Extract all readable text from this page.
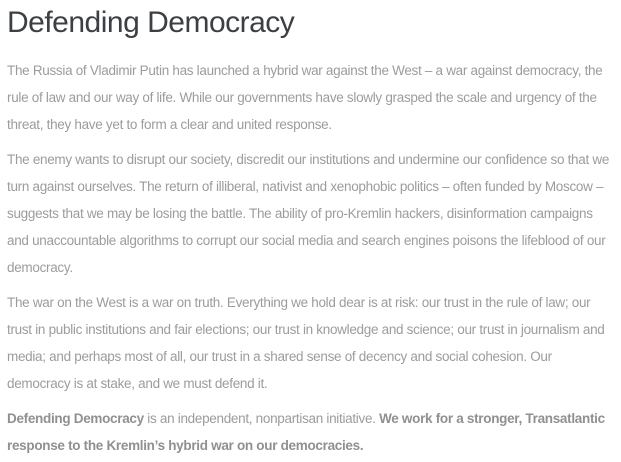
Defending Democracy

The Russia of Vladimir Putin has launched a hybrid war against the West – a war against democracy, the rule of law and our way of life. While our governments have slowly grasped the scale and urgency of the threat, they have yet to form a clear and united response.

The enemy wants to disrupt our society, discredit our institutions and undermine our confidence so that we turn against ourselves. The return of illiberal, nativist and xenophobic politics – often funded by Moscow – suggests that we may be losing the battle. The ability of pro-Kremlin hackers, disinformation campaigns and unaccountable algorithms to corrupt our social media and search engines poisons the lifeblood of our democracy.

The war on the West is a war on truth. Everything we hold dear is at risk: our trust in the rule of law; our trust in public institutions and fair elections; our trust in knowledge and science; our trust in journalism and media; and perhaps most of all, our trust in a shared sense of decency and social cohesion. Our democracy is at stake, and we must defend it.

Defending Democracy is an independent, nonpartisan initiative. We work for a stronger, Transatlantic response to the Kremlin’s hybrid war on our democracies.
